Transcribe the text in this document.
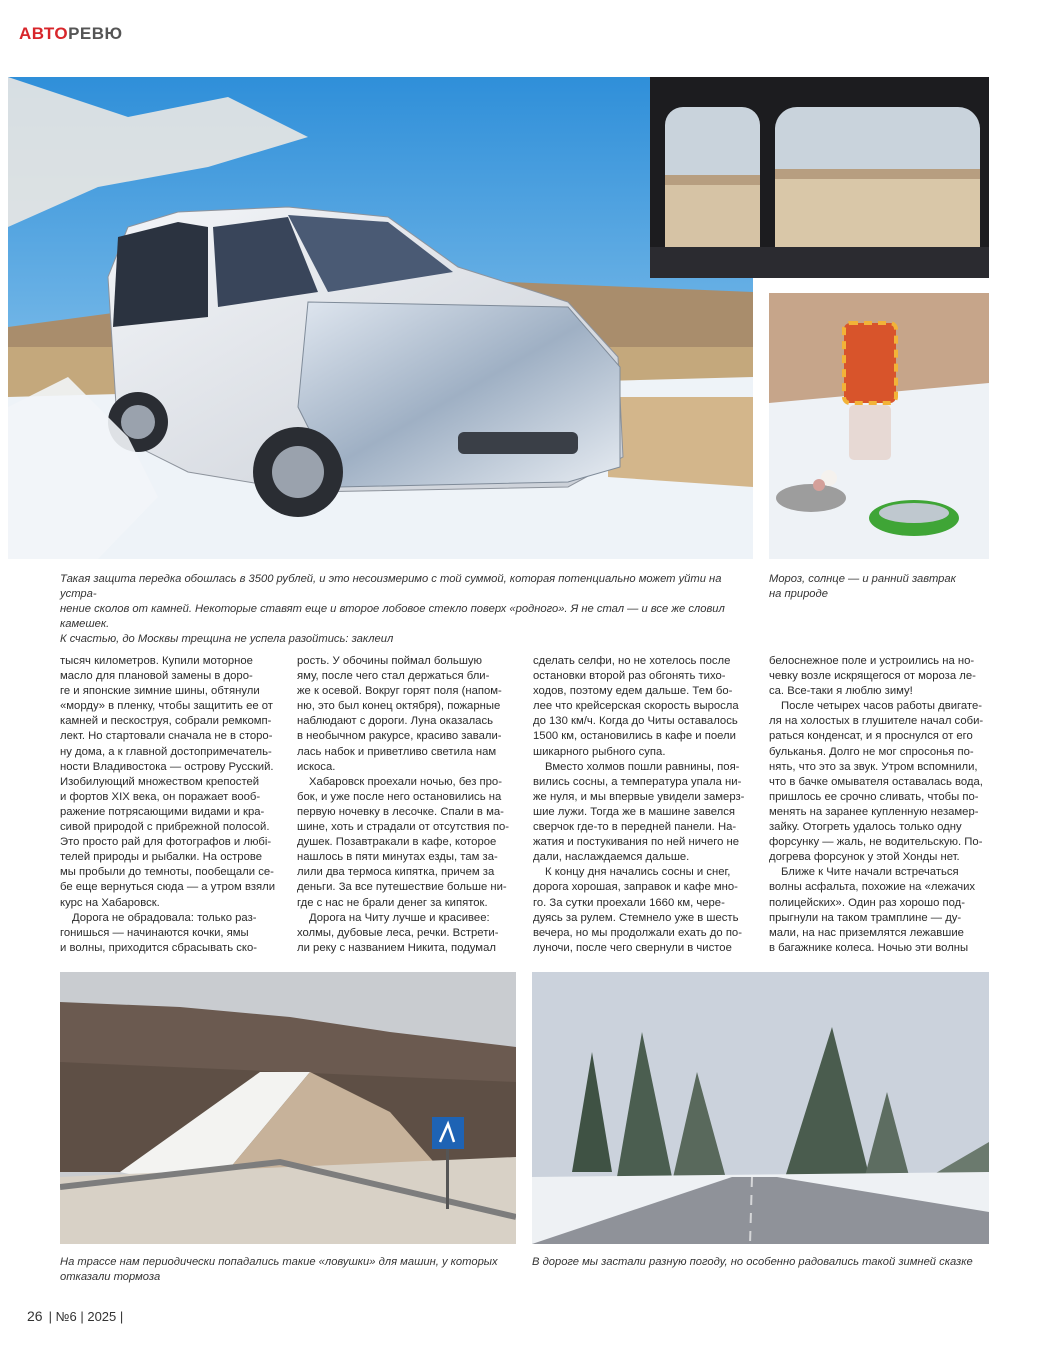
АВТОРЕВЮ

Такая защита передка обошлась в 3500 рублей, и это несоизмеримо с той суммой, которая потенциально может уйти на устра-

нение сколов от камней. Некоторые ставят еще и второе лобовое стекло поверх «родного». Я не стал — и все же словил камешек.

К счастью, до Москвы трещина не успела разойтись: заклеил

Мороз, солнце — и ранний завтрак

на природе

тысяч километров. Купили моторное

масло для плановой замены в доро-

ге и японские зимние шины, обтянули

«морду» в пленку, чтобы защитить ее от

камней и пескоструя, собрали ремкомп-

лект. Но стартовали сначала не в сторо-

ну дома, а к главной достопримечатель-

ности Владивостока — острову Русский.

Изобилующий множеством крепостей

и фортов XIX века, он поражает вооб-

ражение потрясающими видами и кра-

сивой природой с прибрежной полосой.

Это просто рай для фотографов и любі-

телей природы и рыбалки. На острове

мы пробыли до темноты, пообещали се-

бе еще вернуться сюда — а утром взяли

курс на Хабаровск.

Дорога не обрадовала: только раз-

гонишься — начинаются кочки, ямы

и волны, приходится сбрасывать ско-

рость. У обочины поймал большую

яму, после чего стал держаться бли-

же к осевой. Вокруг горят поля (напом-

ню, это был конец октября), пожарные

наблюдают с дороги. Луна оказалась

в необычном ракурсе, красиво завали-

лась набок и приветливо светила нам

искоса.

Хабаровск проехали ночью, без про-

бок, и уже после него остановились на

первую ночевку в лесочке. Спали в ма-

шине, хоть и страдали от отсутствия по-

душек. Позавтракали в кафе, которое

нашлось в пяти минутах езды, там за-

лили два термоса кипятка, причем за

деньги. За все путешествие больше ни-

где с нас не брали денег за кипяток.

Дорога на Читу лучше и красивее:

холмы, дубовые леса, речки. Встрети-

ли реку с названием Никита, подумал

сделать селфи, но не хотелось после

остановки второй раз обгонять тихо-

ходов, поэтому едем дальше. Тем бо-

лее что крейсерская скорость выросла

до 130 км/ч. Когда до Читы оставалось

1500 км, остановились в кафе и поели

шикарного рыбного супа.

Вместо холмов пошли равнины, поя-

вились сосны, а температура упала ни-

же нуля, и мы впервые увидели замерз-

шие лужи. Тогда же в машине завелся

сверчок где-то в передней панели. На-

жатия и постукивания по ней ничего не

дали, наслаждаемся дальше.

К концу дня начались сосны и снег,

дорога хорошая, заправок и кафе мно-

го. За сутки проехали 1660 км, чере-

дуясь за рулем. Стемнело уже в шесть

вечера, но мы продолжали ехать до по-

луночи, после чего свернули в чистое

белоснежное поле и устроились на но-

чевку возле искрящегося от мороза ле-

са. Все-таки я люблю зиму!

После четырех часов работы двигате-

ля на холостых в глушителе начал соби-

раться конденсат, и я проснулся от его

бульканья. Долго не мог спросонья по-

нять, что это за звук. Утром вспомнили,

что в бачке омывателя оставалась вода,

пришлось ее срочно сливать, чтобы по-

менять на заранее купленную незамер-

зайку. Отогреть удалось только одну

форсунку — жаль, не водительскую. По-

догрева форсунок у этой Хонды нет.

Ближе к Чите начали встречаться

волны асфальта, похожие на «лежачих

полицейских». Один раз хорошо под-

прыгнули на таком трамплине — ду-

мали, на нас приземлятся лежавшие

в багажнике колеса. Ночью эти волны

На трассе нам периодически попадались такие «ловушки» для машин, у которых

отказали тормоза

В дороге мы застали разную погоду, но особенно радовались такой зимней сказке

26 | №6 | 2025 |
